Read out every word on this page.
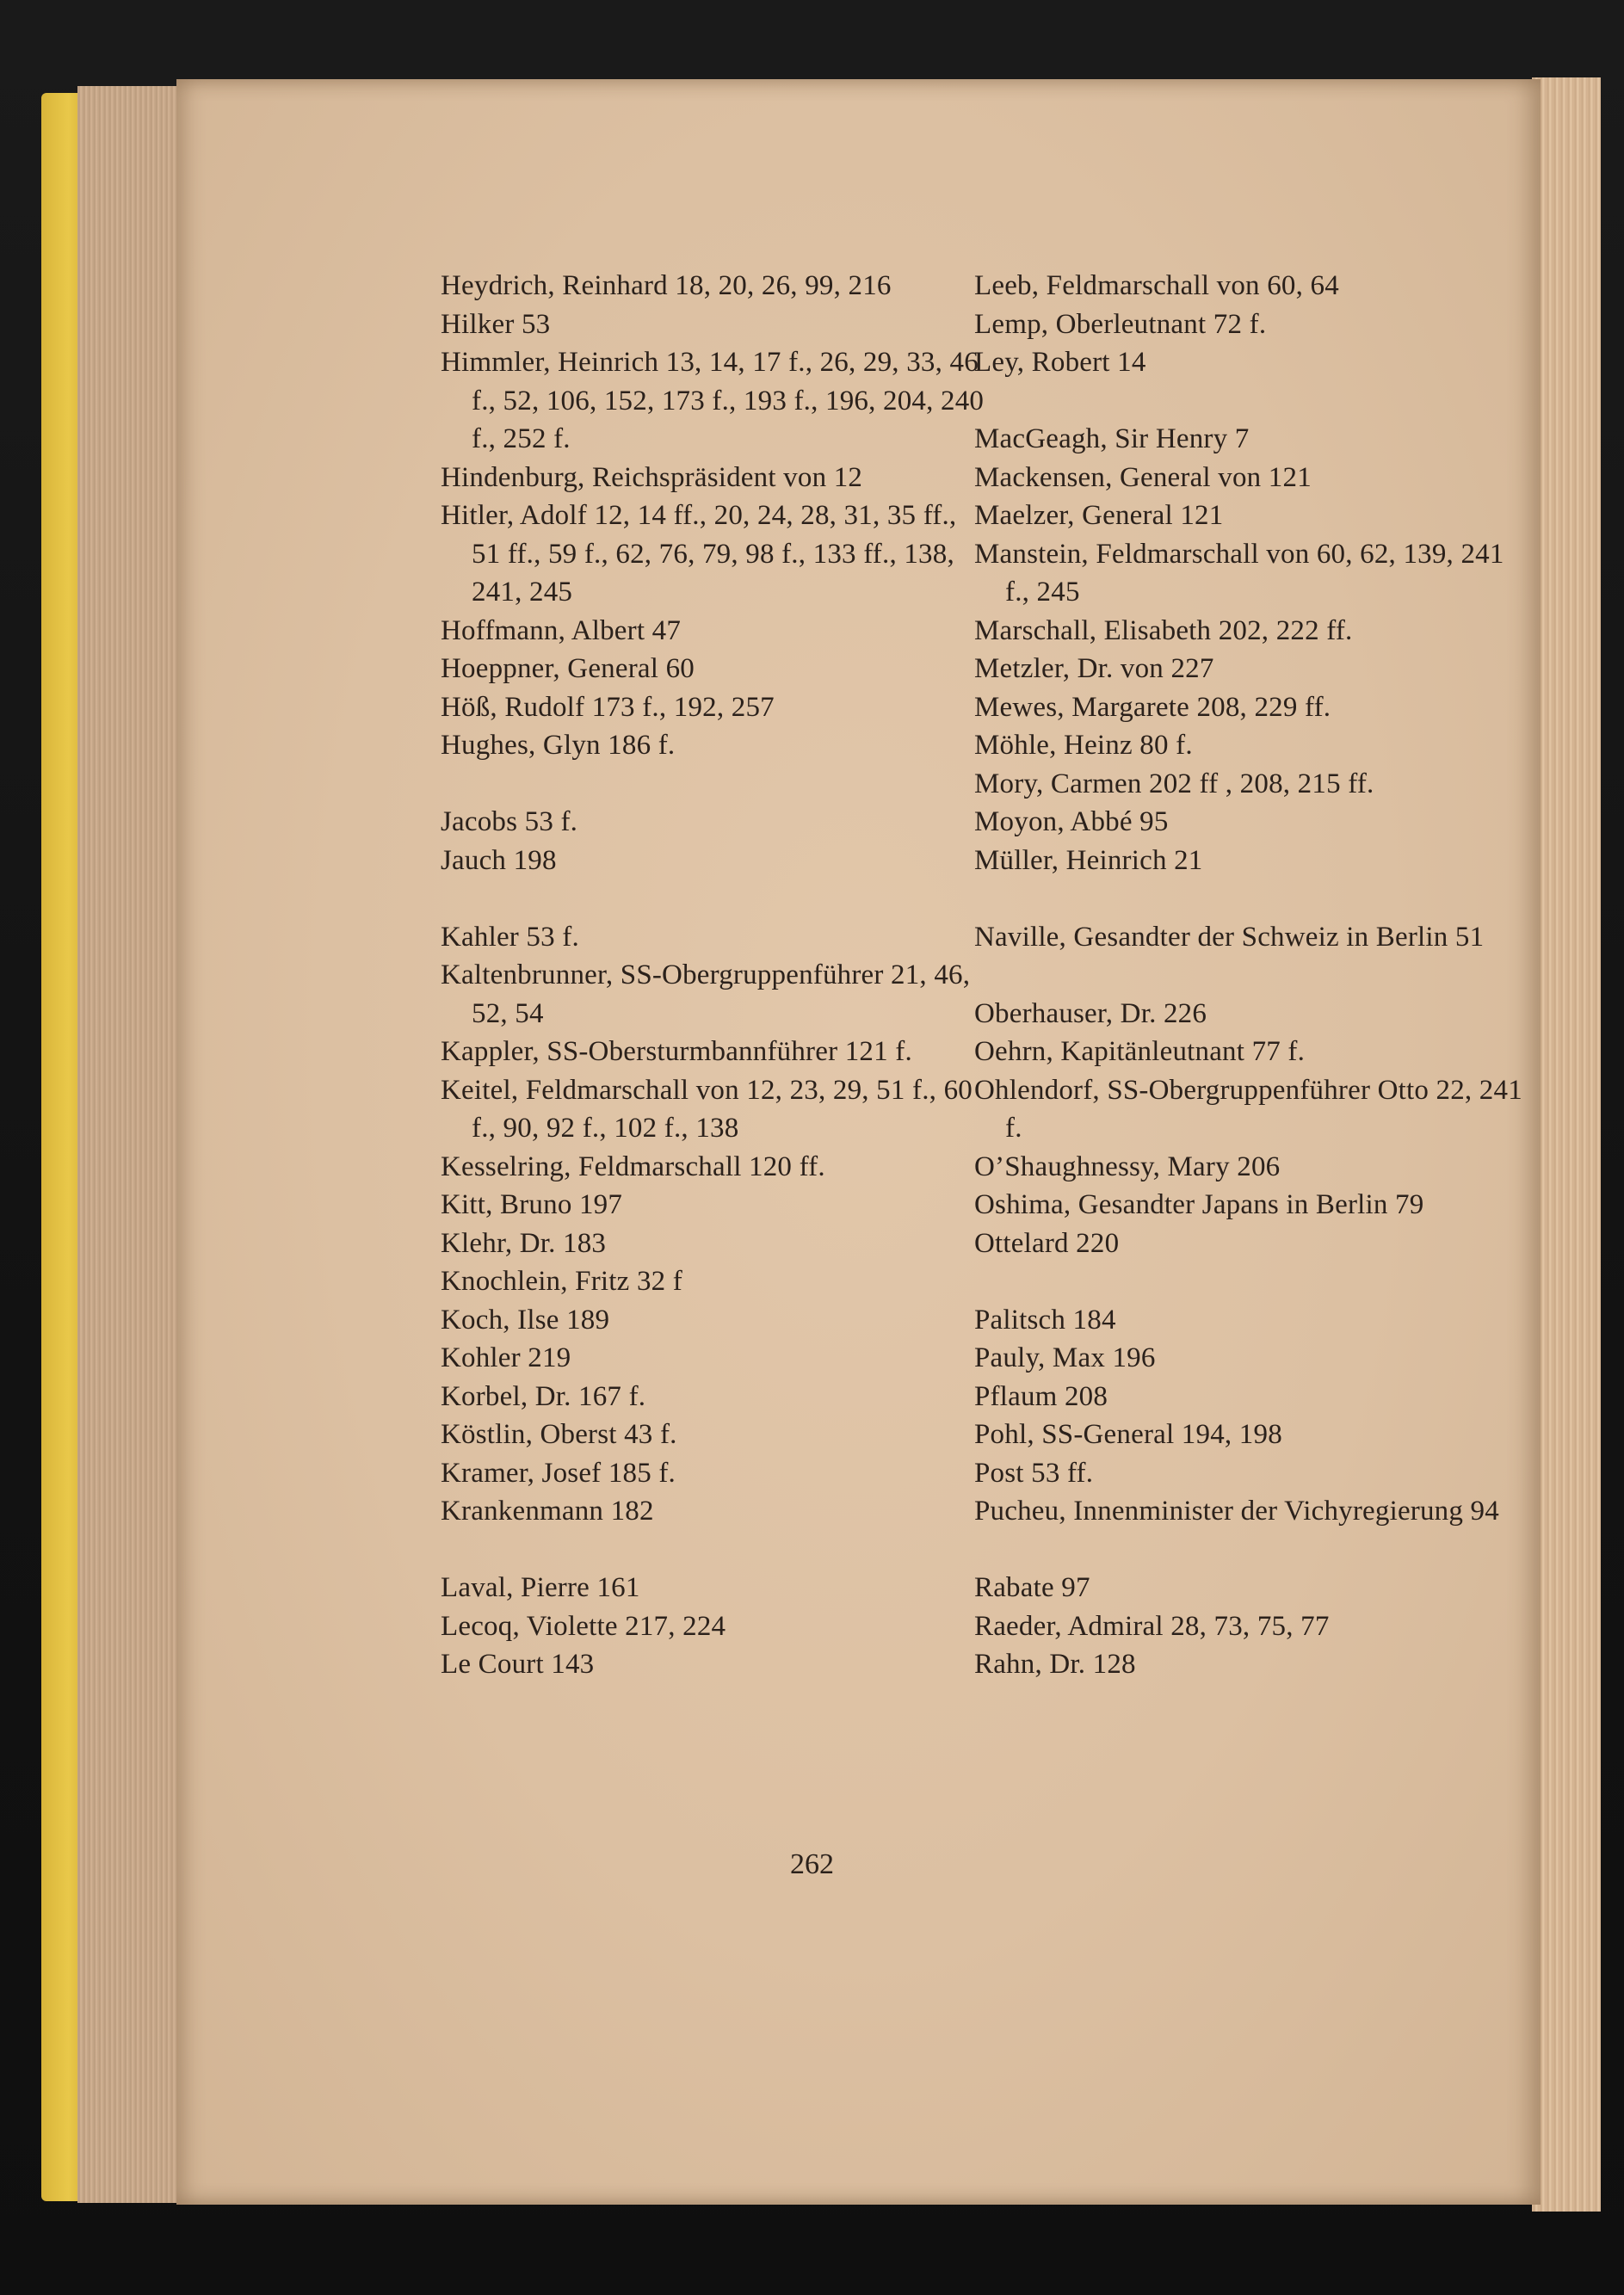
Heydrich, Reinhard 18, 20, 26, 99, 216

Hilker 53

Himmler, Heinrich 13, 14, 17 f., 26, 29, 33, 46 f., 52, 106, 152, 173 f., 193 f., 196, 204, 240 f., 252 f.

Hindenburg, Reichspräsident von 12

Hitler, Adolf 12, 14 ff., 20, 24, 28, 31, 35 ff., 51 ff., 59 f., 62, 76, 79, 98 f., 133 ff., 138, 241, 245

Hoffmann, Albert 47

Hoeppner, General 60

Höß, Rudolf 173 f., 192, 257

Hughes, Glyn 186 f.

Jacobs 53 f.

Jauch 198

Kahler 53 f.

Kaltenbrunner, SS-Obergruppenführer 21, 46, 52, 54

Kappler, SS-Obersturmbannführer 121 f.

Keitel, Feldmarschall von 12, 23, 29, 51 f., 60 f., 90, 92 f., 102 f., 138

Kesselring, Feldmarschall 120 ff.

Kitt, Bruno 197

Klehr, Dr. 183

Knochlein, Fritz 32 f

Koch, Ilse 189

Kohler 219

Korbel, Dr. 167 f.

Köstlin, Oberst 43 f.

Kramer, Josef 185 f.

Krankenmann 182

Laval, Pierre 161

Lecoq, Violette 217, 224

Le Court 143

Leeb, Feldmarschall von 60, 64

Lemp, Oberleutnant 72 f.

Ley, Robert 14

MacGeagh, Sir Henry 7

Mackensen, General von 121

Maelzer, General 121

Manstein, Feldmarschall von 60, 62, 139, 241 f., 245

Marschall, Elisabeth 202, 222 ff.

Metzler, Dr. von 227

Mewes, Margarete 208, 229 ff.

Möhle, Heinz 80 f.

Mory, Carmen 202 ff , 208, 215 ff.

Moyon, Abbé 95

Müller, Heinrich 21

Naville, Gesandter der Schweiz in Berlin 51

Oberhauser, Dr. 226

Oehrn, Kapitänleutnant 77 f.

Ohlendorf, SS-Obergruppenführer Otto 22, 241 f.

O’Shaughnessy, Mary 206

Oshima, Gesandter Japans in Berlin 79

Ottelard 220

Palitsch 184

Pauly, Max 196

Pflaum 208

Pohl, SS-General 194, 198

Post 53 ff.

Pucheu, Innenminister der Vichyregierung 94

Rabate 97

Raeder, Admiral 28, 73, 75, 77

Rahn, Dr. 128

262
